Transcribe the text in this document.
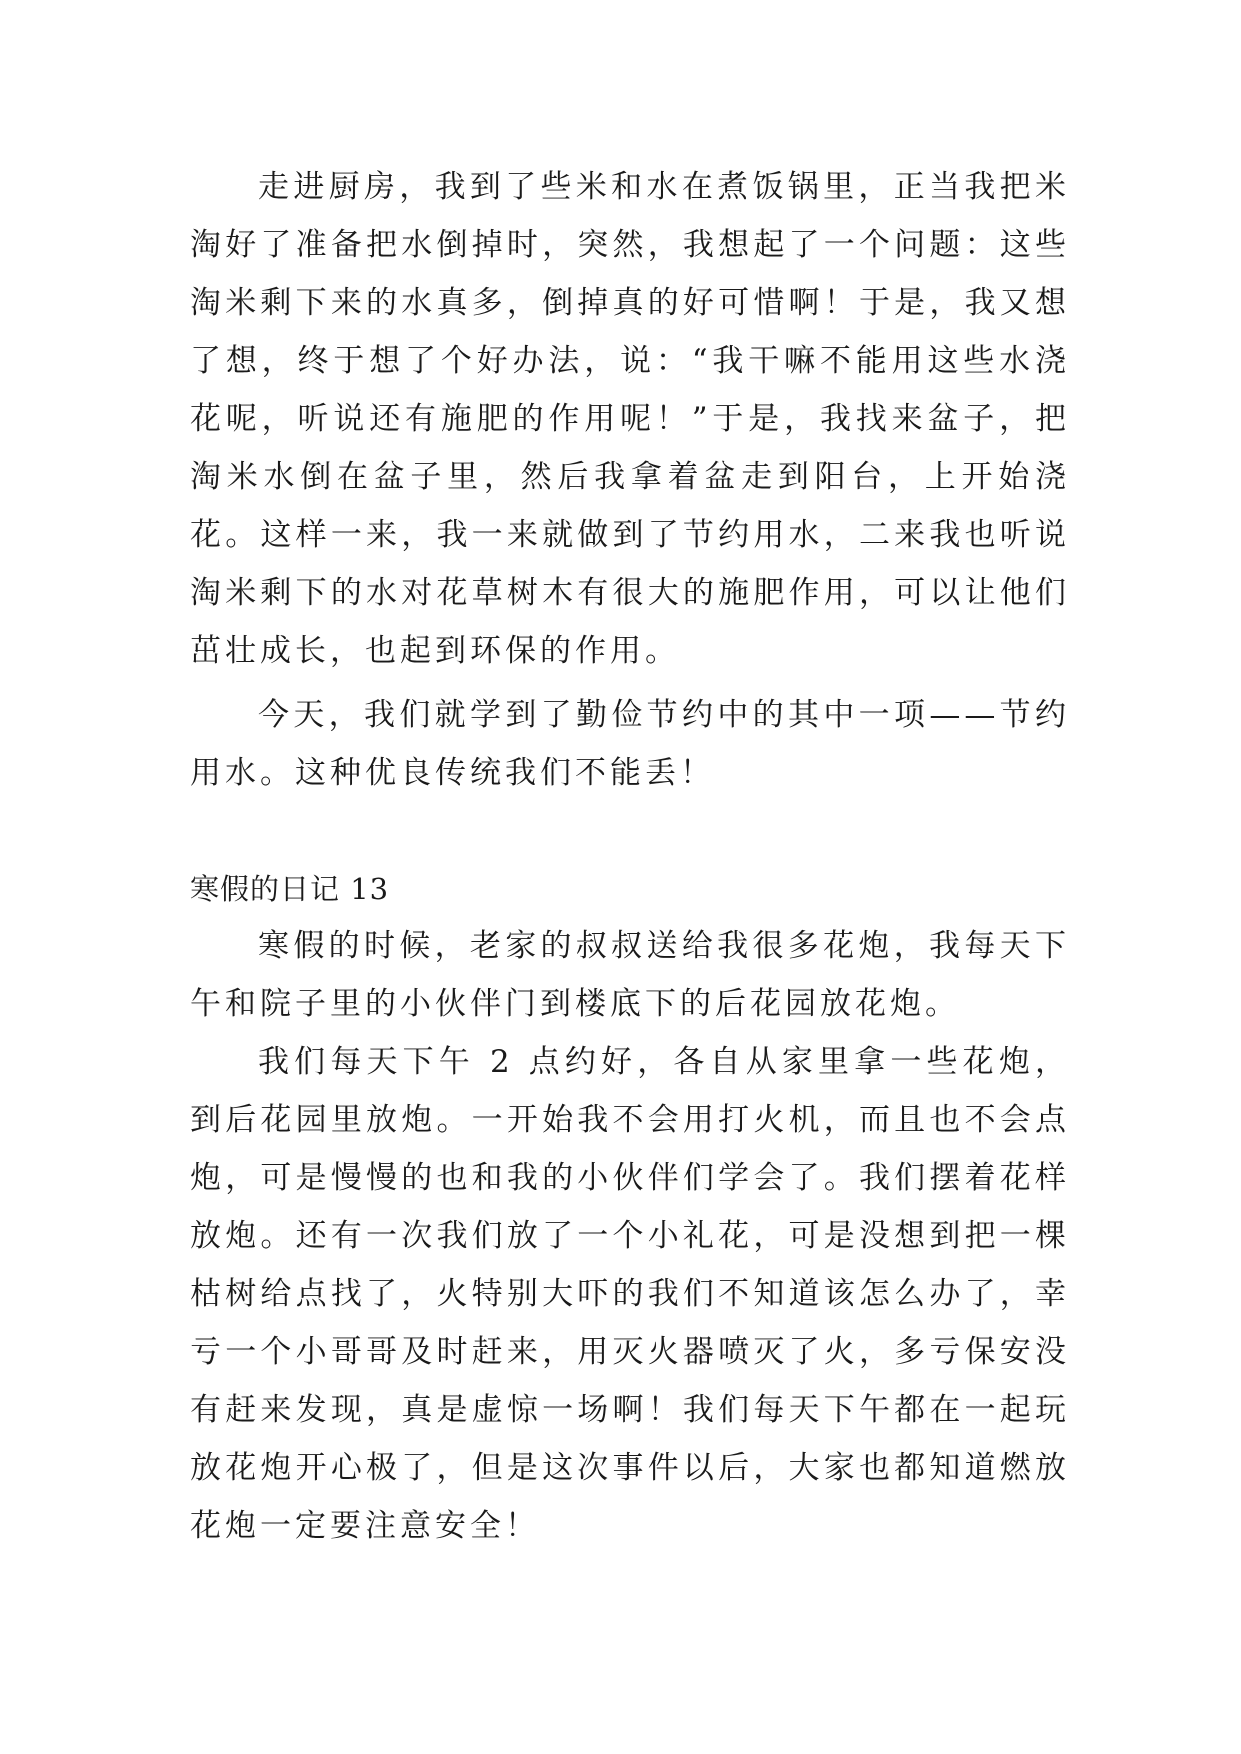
走进厨房，我到了些米和水在煮饭锅里，正当我把米淘好了准备把水倒掉时，突然，我想起了一个问题：这些淘米剩下来的水真多，倒掉真的好可惜啊！于是，我又想了想，终于想了个好办法，说：“我干嘛不能用这些水浇花呢，听说还有施肥的作用呢！”于是，我找来盆子，把淘米水倒在盆子里，然后我拿着盆走到阳台，上开始浇花。这样一来，我一来就做到了节约用水，二来我也听说淘米剩下的水对花草树木有很大的施肥作用，可以让他们茁壮成长，也起到环保的作用。

今天，我们就学到了勤俭节约中的其中一项——节约用水。这种优良传统我们不能丢！

寒假的日记 13

寒假的时候，老家的叔叔送给我很多花炮，我每天下午和院子里的小伙伴门到楼底下的后花园放花炮。

我们每天下午 2 点约好，各自从家里拿一些花炮，到后花园里放炮。一开始我不会用打火机，而且也不会点炮，可是慢慢的也和我的小伙伴们学会了。我们摆着花样放炮。还有一次我们放了一个小礼花，可是没想到把一棵枯树给点找了，火特别大吓的我们不知道该怎么办了，幸亏一个小哥哥及时赶来，用灭火器喷灭了火，多亏保安没有赶来发现，真是虚惊一场啊！我们每天下午都在一起玩放花炮开心极了，但是这次事件以后，大家也都知道燃放花炮一定要注意安全！
